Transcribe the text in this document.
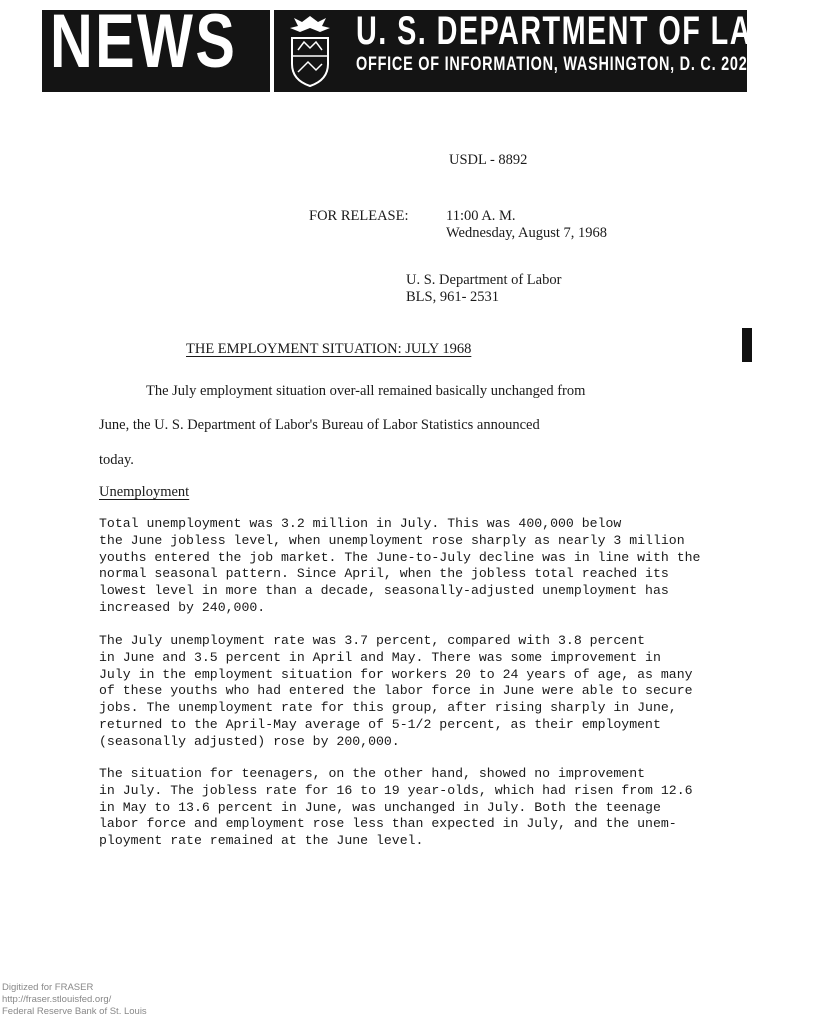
NEWS	U. S. DEPARTMENT OF LABOR
OFFICE OF INFORMATION, WASHINGTON, D. C. 20210
USDL - 8892
FOR RELEASE:	11:00 A. M.
Wednesday, August 7, 1968
U. S. Department of Labor
BLS, 961- 2531
THE EMPLOYMENT SITUATION: JULY 1968
The July employment situation over-all remained basically unchanged from
June, the U. S. Department of Labor's Bureau of Labor Statistics announced
today.
Unemployment
Total unemployment was 3.2 million in July. This was 400,000 below
the June jobless level, when unemployment rose sharply as nearly 3 million
youths entered the job market. The June-to-July decline was in line with the
normal seasonal pattern. Since April, when the jobless total reached its
lowest level in more than a decade, seasonally-adjusted unemployment has
increased by 240,000.
The July unemployment rate was 3.7 percent, compared with 3.8 percent
in June and 3.5 percent in April and May. There was some improvement in
July in the employment situation for workers 20 to 24 years of age, as many
of these youths who had entered the labor force in June were able to secure
jobs. The unemployment rate for this group, after rising sharply in June,
returned to the April-May average of 5-1/2 percent, as their employment
(seasonally adjusted) rose by 200,000.
The situation for teenagers, on the other hand, showed no improvement
in July. The jobless rate for 16 to 19 year-olds, which had risen from 12.6
in May to 13.6 percent in June, was unchanged in July. Both the teenage
labor force and employment rose less than expected in July, and the unem-
ployment rate remained at the June level.
Digitized for FRASER
http://fraser.stlouisfed.org/
Federal Reserve Bank of St. Louis
